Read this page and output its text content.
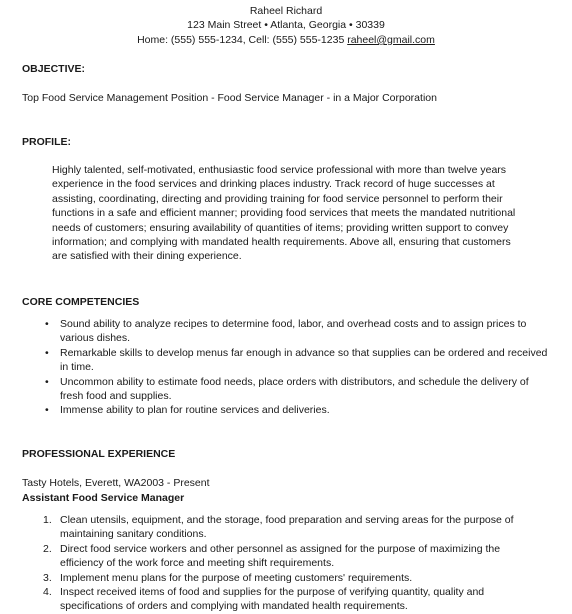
Raheel Richard
123 Main Street • Atlanta, Georgia • 30339
Home: (555) 555-1234, Cell: (555) 555-1235 raheel@gmail.com
OBJECTIVE:
Top Food Service Management Position - Food Service Manager - in a Major Corporation
PROFILE:
Highly talented, self-motivated, enthusiastic food service professional with more than twelve years experience in the food services and drinking places industry. Track record of huge successes at assisting, coordinating, directing and providing training for food service personnel to perform their functions in a safe and efficient manner; providing food services that meets the mandated nutritional needs of customers; ensuring availability of quantities of items; providing written support to convey information; and complying with mandated health requirements. Above all, ensuring that customers are satisfied with their dining experience.
CORE COMPETENCIES
• Sound ability to analyze recipes to determine food, labor, and overhead costs and to assign prices to various dishes.
• Remarkable skills to develop menus far enough in advance so that supplies can be ordered and received in time.
• Uncommon ability to estimate food needs, place orders with distributors, and schedule the delivery of fresh food and supplies.
• Immense ability to plan for routine services and deliveries.
PROFESSIONAL EXPERIENCE
Tasty Hotels, Everett, WA2003 - Present
Assistant Food Service Manager
1. Clean utensils, equipment, and the storage, food preparation and serving areas for the purpose of maintaining sanitary conditions.
2. Direct food service workers and other personnel as assigned for the purpose of maximizing the efficiency of the work force and meeting shift requirements.
3. Implement menu plans for the purpose of meeting customers' requirements.
4. Inspect received items of food and supplies for the purpose of verifying quantity, quality and specifications of orders and complying with mandated health requirements.
